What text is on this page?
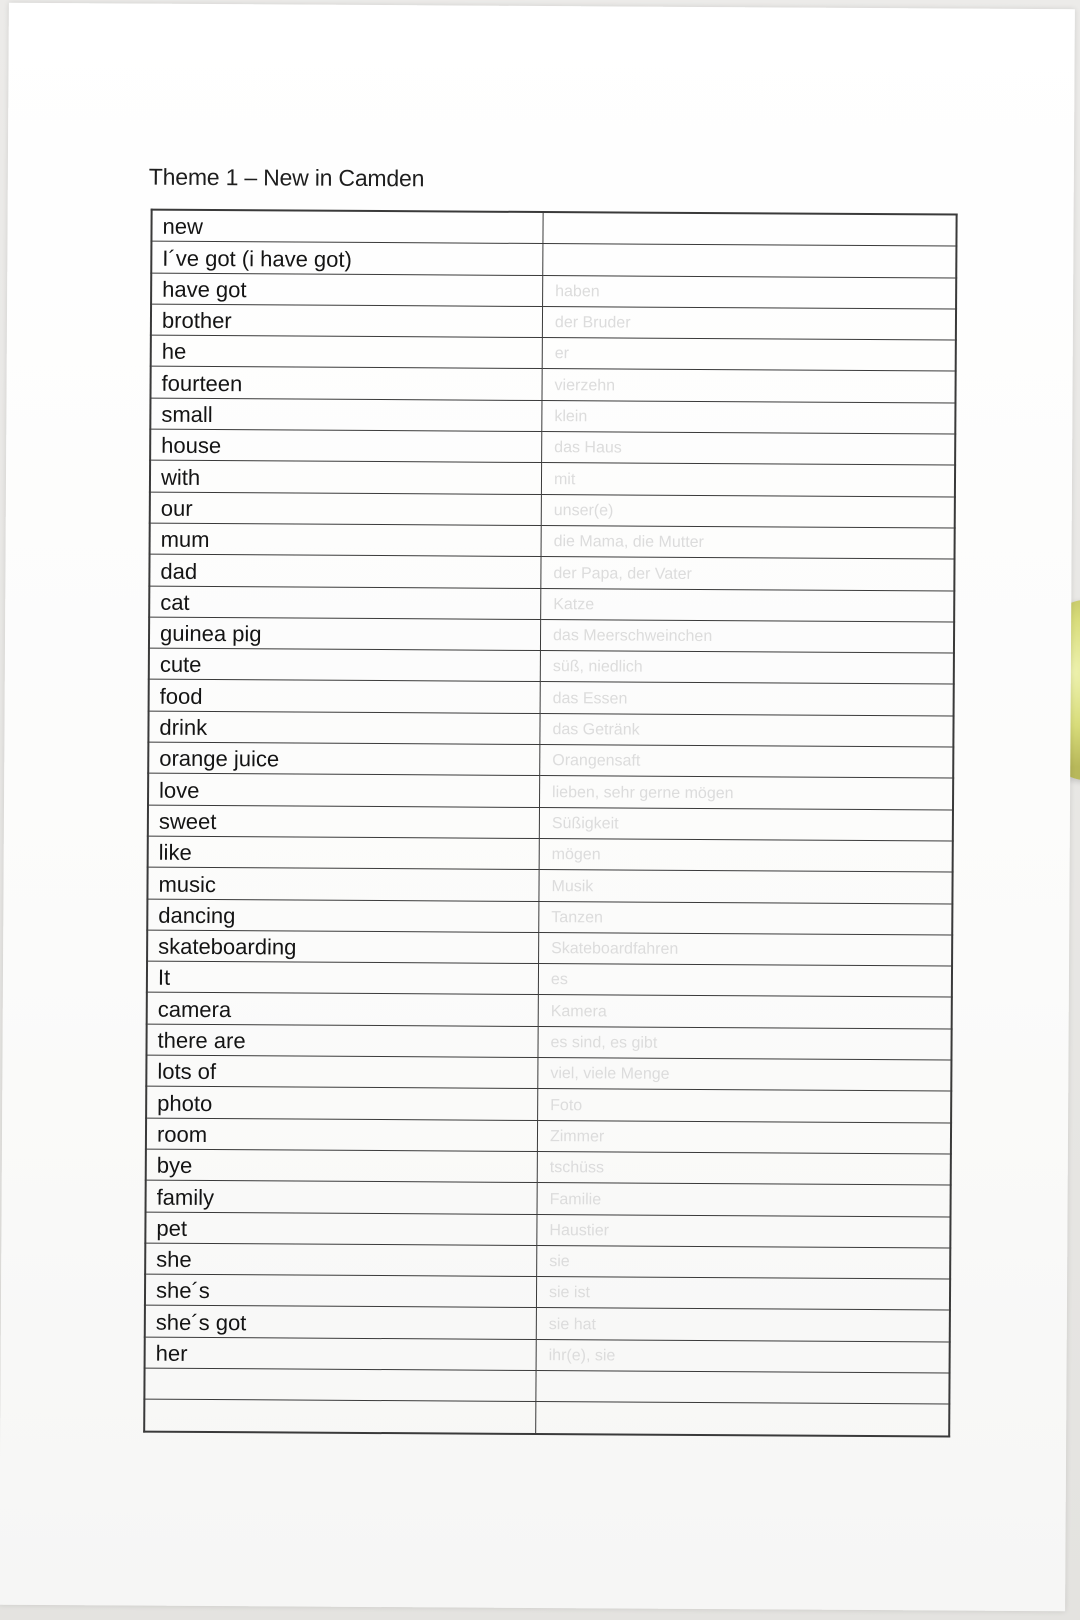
Theme 1 – New in Camden
new	
I´ve got (i have got)	
have got	haben
brother	der Bruder
he	er
fourteen	vierzehn
small	klein
house	das Haus
with	mit
our	unser(e)
mum	die Mama, die Mutter
dad	der Papa, der Vater
cat	Katze
guinea pig	das Meerschweinchen
cute	süß, niedlich
food	das Essen
drink	das Getränk
orange juice	Orangensaft
love	lieben, sehr gerne mögen
sweet	Süßigkeit
like	mögen
music	Musik
dancing	Tanzen
skateboarding	Skateboardfahren
It	es
camera	Kamera
there are	es sind, es gibt
lots of	viel, viele Menge
photo	Foto
room	Zimmer
bye	tschüss
family	Familie
pet	Haustier
she	sie
she´s	sie ist
she´s got	sie hat
her	ihr(e), sie
